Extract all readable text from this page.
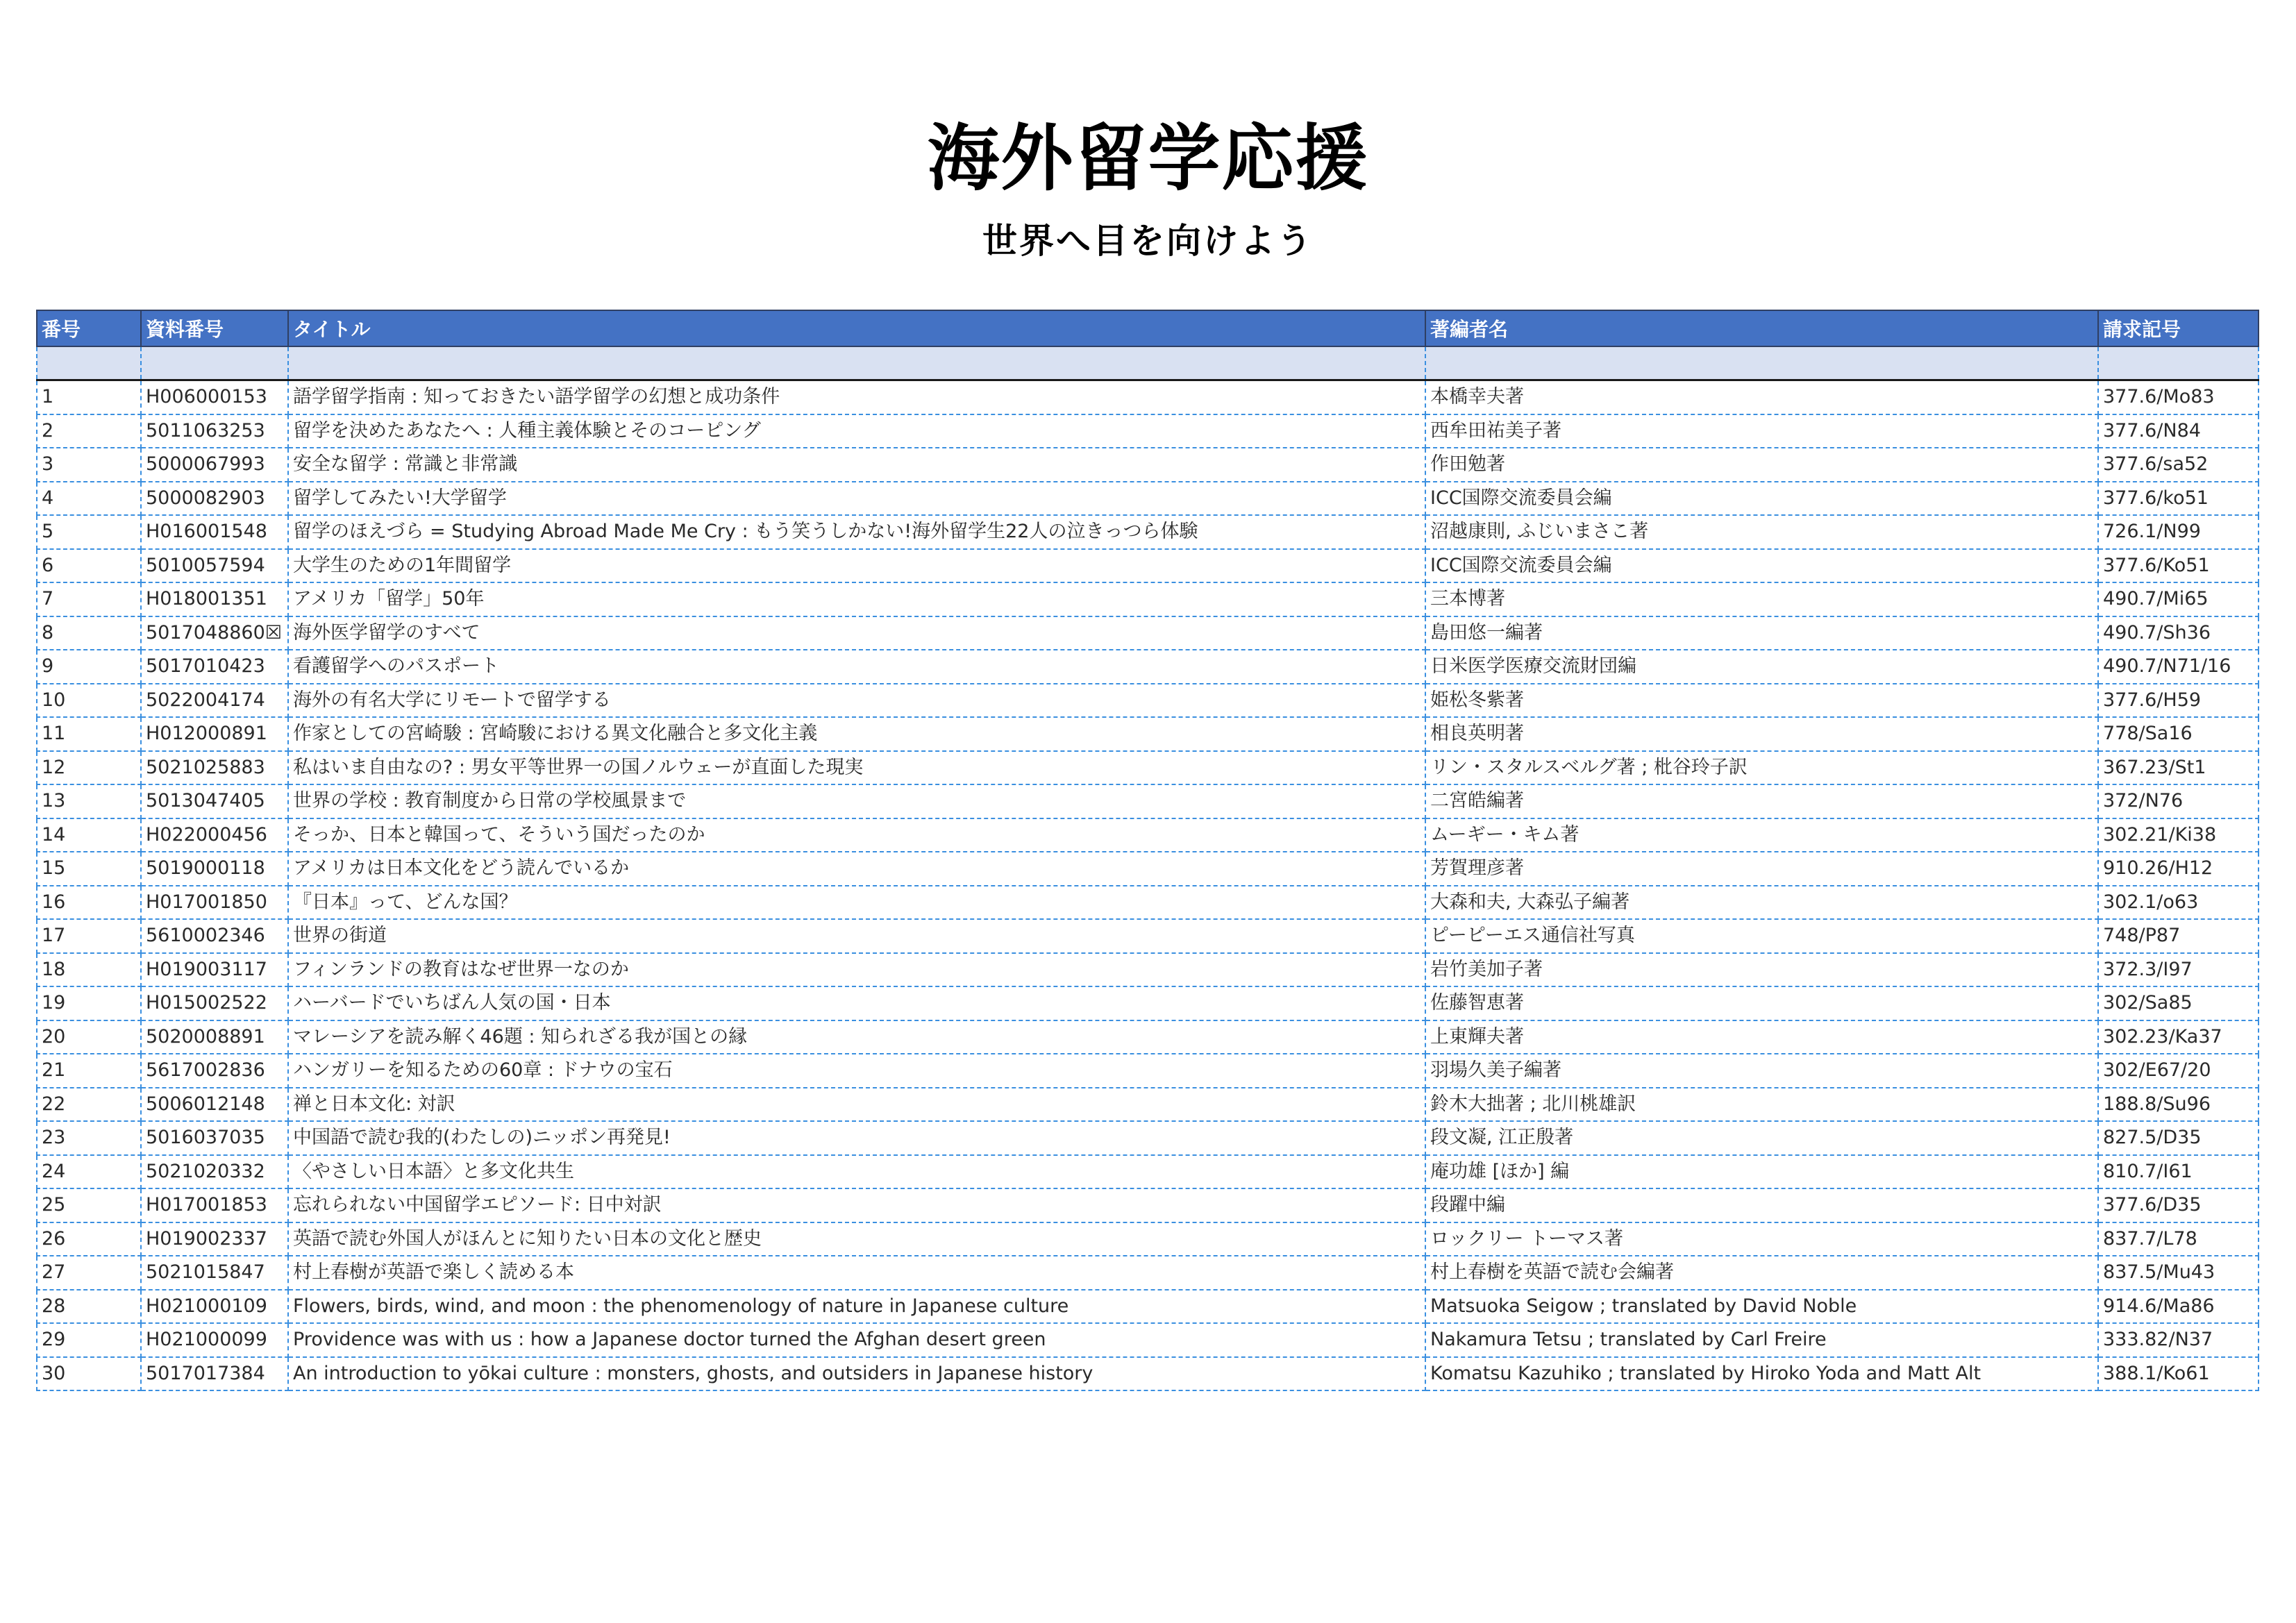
海外留学応援
世界へ目を向けよう
番号	資料番号	タイトル	著編者名	請求記号

1	H006000153	語学留学指南 : 知っておきたい語学留学の幻想と成功条件	本橋幸夫著	377.6/Mo83
2	5011063253	留学を決めたあなたへ : 人種主義体験とそのコーピング	西牟田祐美子著	377.6/N84
3	5000067993	安全な留学 : 常識と非常識	作田勉著	377.6/sa52
4	5000082903	留学してみたい!大学留学	ICC国際交流委員会編	377.6/ko51
5	H016001548	留学のほえづら = Studying Abroad Made Me Cry : もう笑うしかない!海外留学生22人の泣きっつら体験	沼越康則, ふじいまさこ著	726.1/N99
6	5010057594	大学生のための1年間留学	ICC国際交流委員会編	377.6/Ko51
7	H018001351	アメリカ「留学」50年	三本博著	490.7/Mi65
8	5017048860☒	海外医学留学のすべて	島田悠一編著	490.7/Sh36
9	5017010423	看護留学へのパスポート	日米医学医療交流財団編	490.7/N71/16
10	5022004174	海外の有名大学にリモートで留学する	姫松冬紫著	377.6/H59
11	H012000891	作家としての宮崎駿 : 宮崎駿における異文化融合と多文化主義	相良英明著	778/Sa16
12	5021025883	私はいま自由なの? : 男女平等世界一の国ノルウェーが直面した現実	リン・スタルスベルグ著 ; 枇谷玲子訳	367.23/St1
13	5013047405	世界の学校 : 教育制度から日常の学校風景まで	二宮皓編著	372/N76
14	H022000456	そっか、日本と韓国って、そういう国だったのか	ムーギー・キム著	302.21/Ki38
15	5019000118	アメリカは日本文化をどう読んでいるか	芳賀理彦著	910.26/H12
16	H017001850	『日本』って、どんな国？	大森和夫, 大森弘子編著	302.1/o63
17	5610002346	世界の街道	ピーピーエス通信社写真	748/P87
18	H019003117	フィンランドの教育はなぜ世界一なのか	岩竹美加子著	372.3/I97
19	H015002522	ハーバードでいちばん人気の国・日本	佐藤智恵著	302/Sa85
20	5020008891	マレーシアを読み解く46題 : 知られざる我が国との縁	上東輝夫著	302.23/Ka37
21	5617002836	ハンガリーを知るための60章 : ドナウの宝石	羽場久美子編著	302/E67/20
22	5006012148	禅と日本文化: 対訳	鈴木大拙著 ; 北川桃雄訳	188.8/Su96
23	5016037035	中国語で読む我的(わたしの)ニッポン再発見!	段文凝, 江正殷著	827.5/D35
24	5021020332	〈やさしい日本語〉と多文化共生	庵功雄 [ほか] 編	810.7/I61
25	H017001853	忘れられない中国留学エピソード: 日中対訳	段躍中編	377.6/D35
26	H019002337	英語で読む外国人がほんとに知りたい日本の文化と歴史	ロックリー トーマス著	837.7/L78
27	5021015847	村上春樹が英語で楽しく読める本	村上春樹を英語で読む会編著	837.5/Mu43
28	H021000109	Flowers, birds, wind, and moon : the phenomenology of nature in Japanese culture	Matsuoka Seigow ; translated by David Noble	914.6/Ma86
29	H021000099	Providence was with us : how a Japanese doctor turned the Afghan desert green	Nakamura Tetsu ; translated by Carl Freire	333.82/N37
30	5017017384	An introduction to yōkai culture : monsters, ghosts, and outsiders in Japanese history	Komatsu Kazuhiko ; translated by Hiroko Yoda and Matt Alt	388.1/Ko61
